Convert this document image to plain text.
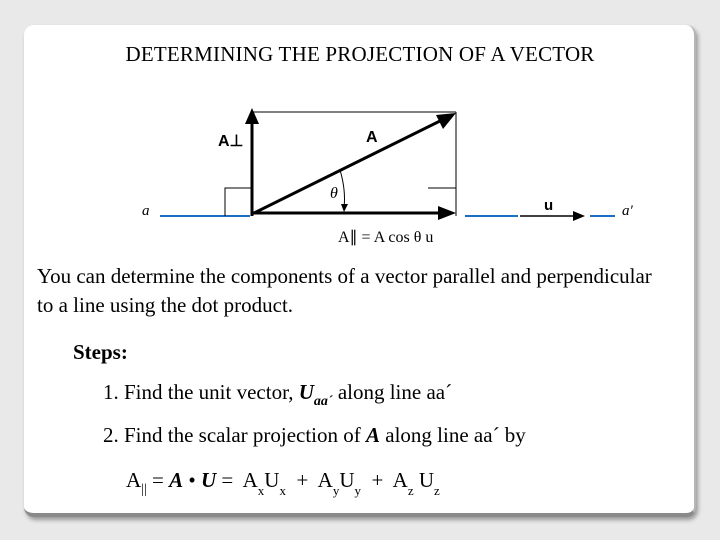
DETERMINING THE PROJECTION OF A VECTOR
A⊥	A
θ
a	u	a′
A∥ = A cos θ u
You can determine the components of a vector parallel and perpendicular to a line using the dot product.
Steps:
1. Find the unit vector, $U_{aa´}$ along line aa´
2. Find the scalar projection of A along line aa´ by
$A_{||} = A$ • $U = A_xU_x + A_yU_y + A_z$ $U_z$
